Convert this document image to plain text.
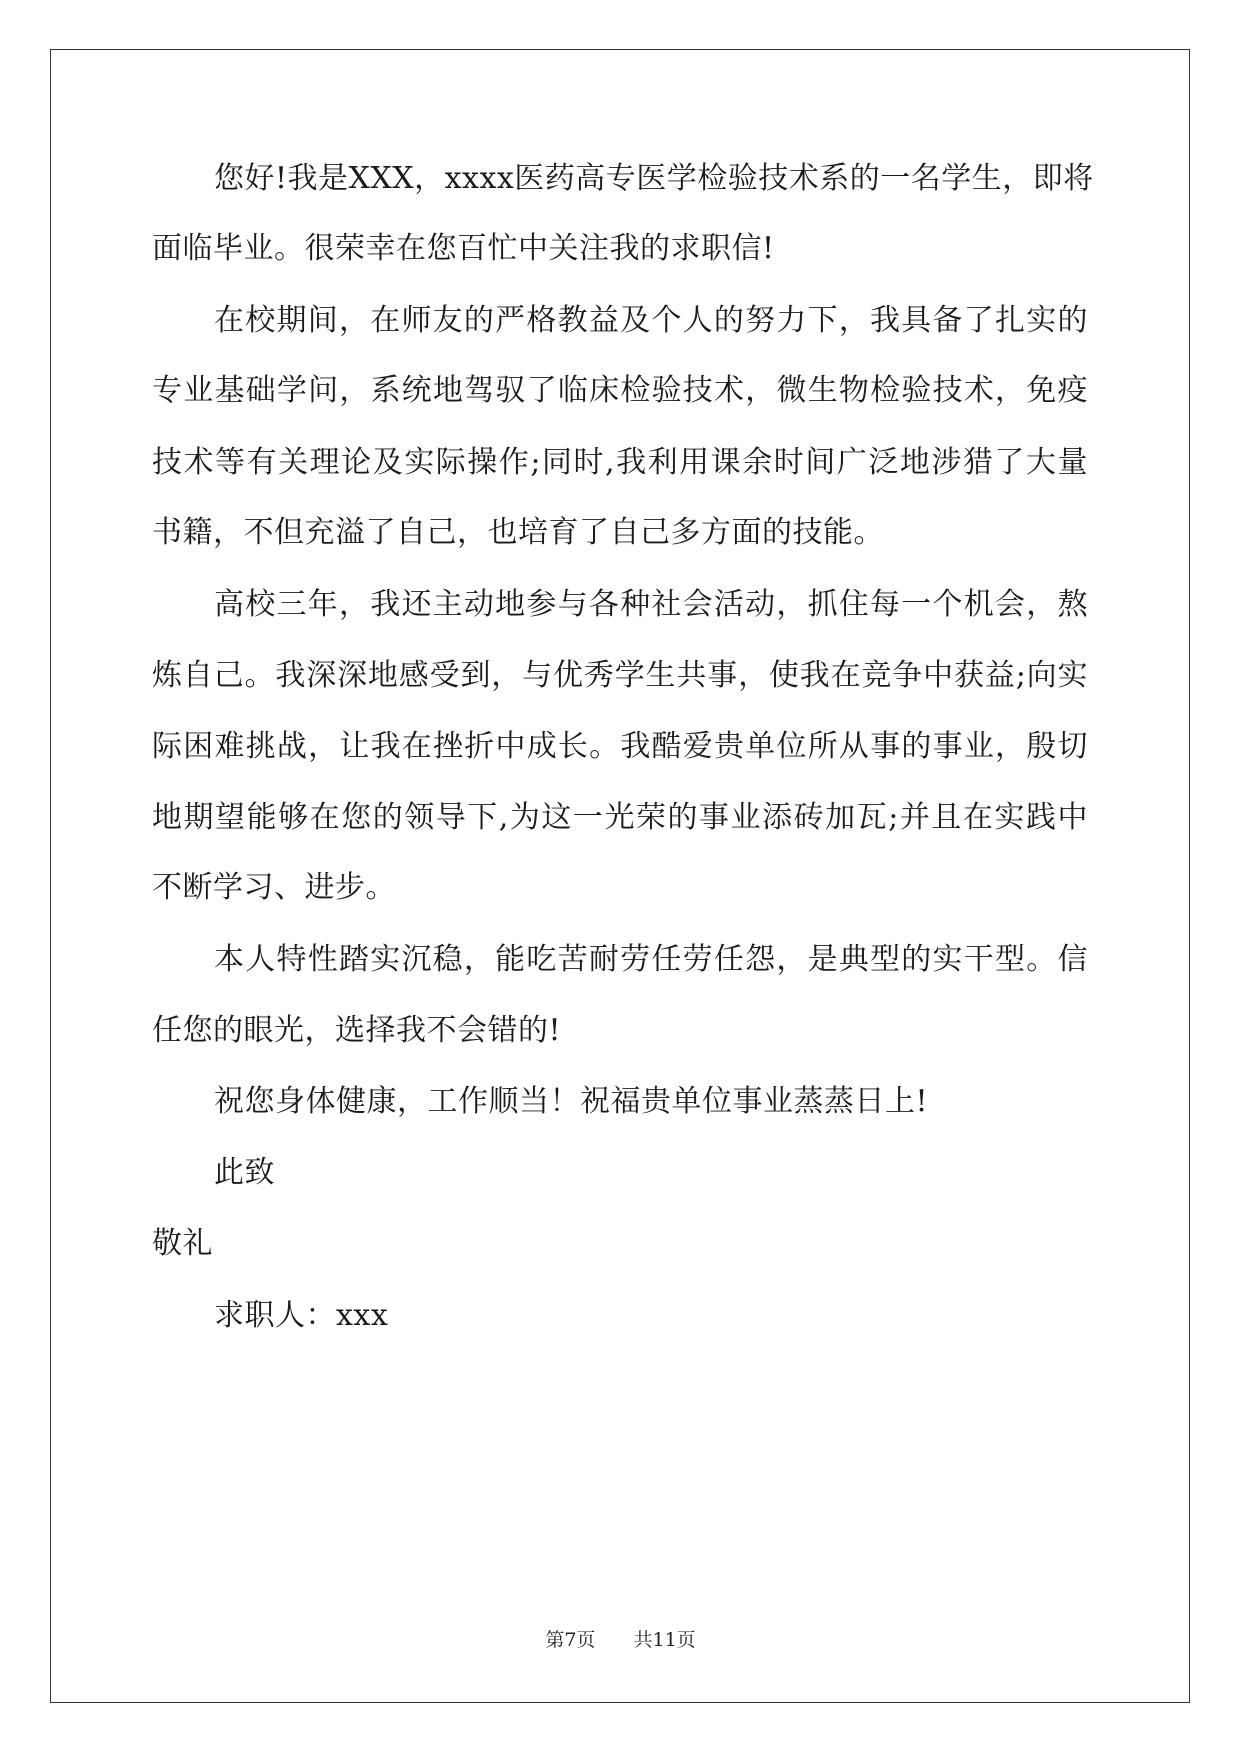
您好!我是XXX，xxxx医药高专医学检验技术系的一名学生，即将
面临毕业。很荣幸在您百忙中关注我的求职信!
在校期间，在师友的严格教益及个人的努力下，我具备了扎实的
专业基础学问，系统地驾驭了临床检验技术，微生物检验技术，免疫
技术等有关理论及实际操作;同时,我利用课余时间广泛地涉猎了大量
书籍，不但充溢了自己，也培育了自己多方面的技能。
高校三年，我还主动地参与各种社会活动，抓住每一个机会，熬
炼自己。我深深地感受到，与优秀学生共事，使我在竞争中获益;向实
际困难挑战，让我在挫折中成长。我酷爱贵单位所从事的事业，殷切
地期望能够在您的领导下,为这一光荣的事业添砖加瓦;并且在实践中
不断学习、进步。
本人特性踏实沉稳，能吃苦耐劳任劳任怨，是典型的实干型。信
任您的眼光，选择我不会错的!
祝您身体健康，工作顺当！祝福贵单位事业蒸蒸日上!
此致
敬礼
求职人：xxx
第7页 共11页
